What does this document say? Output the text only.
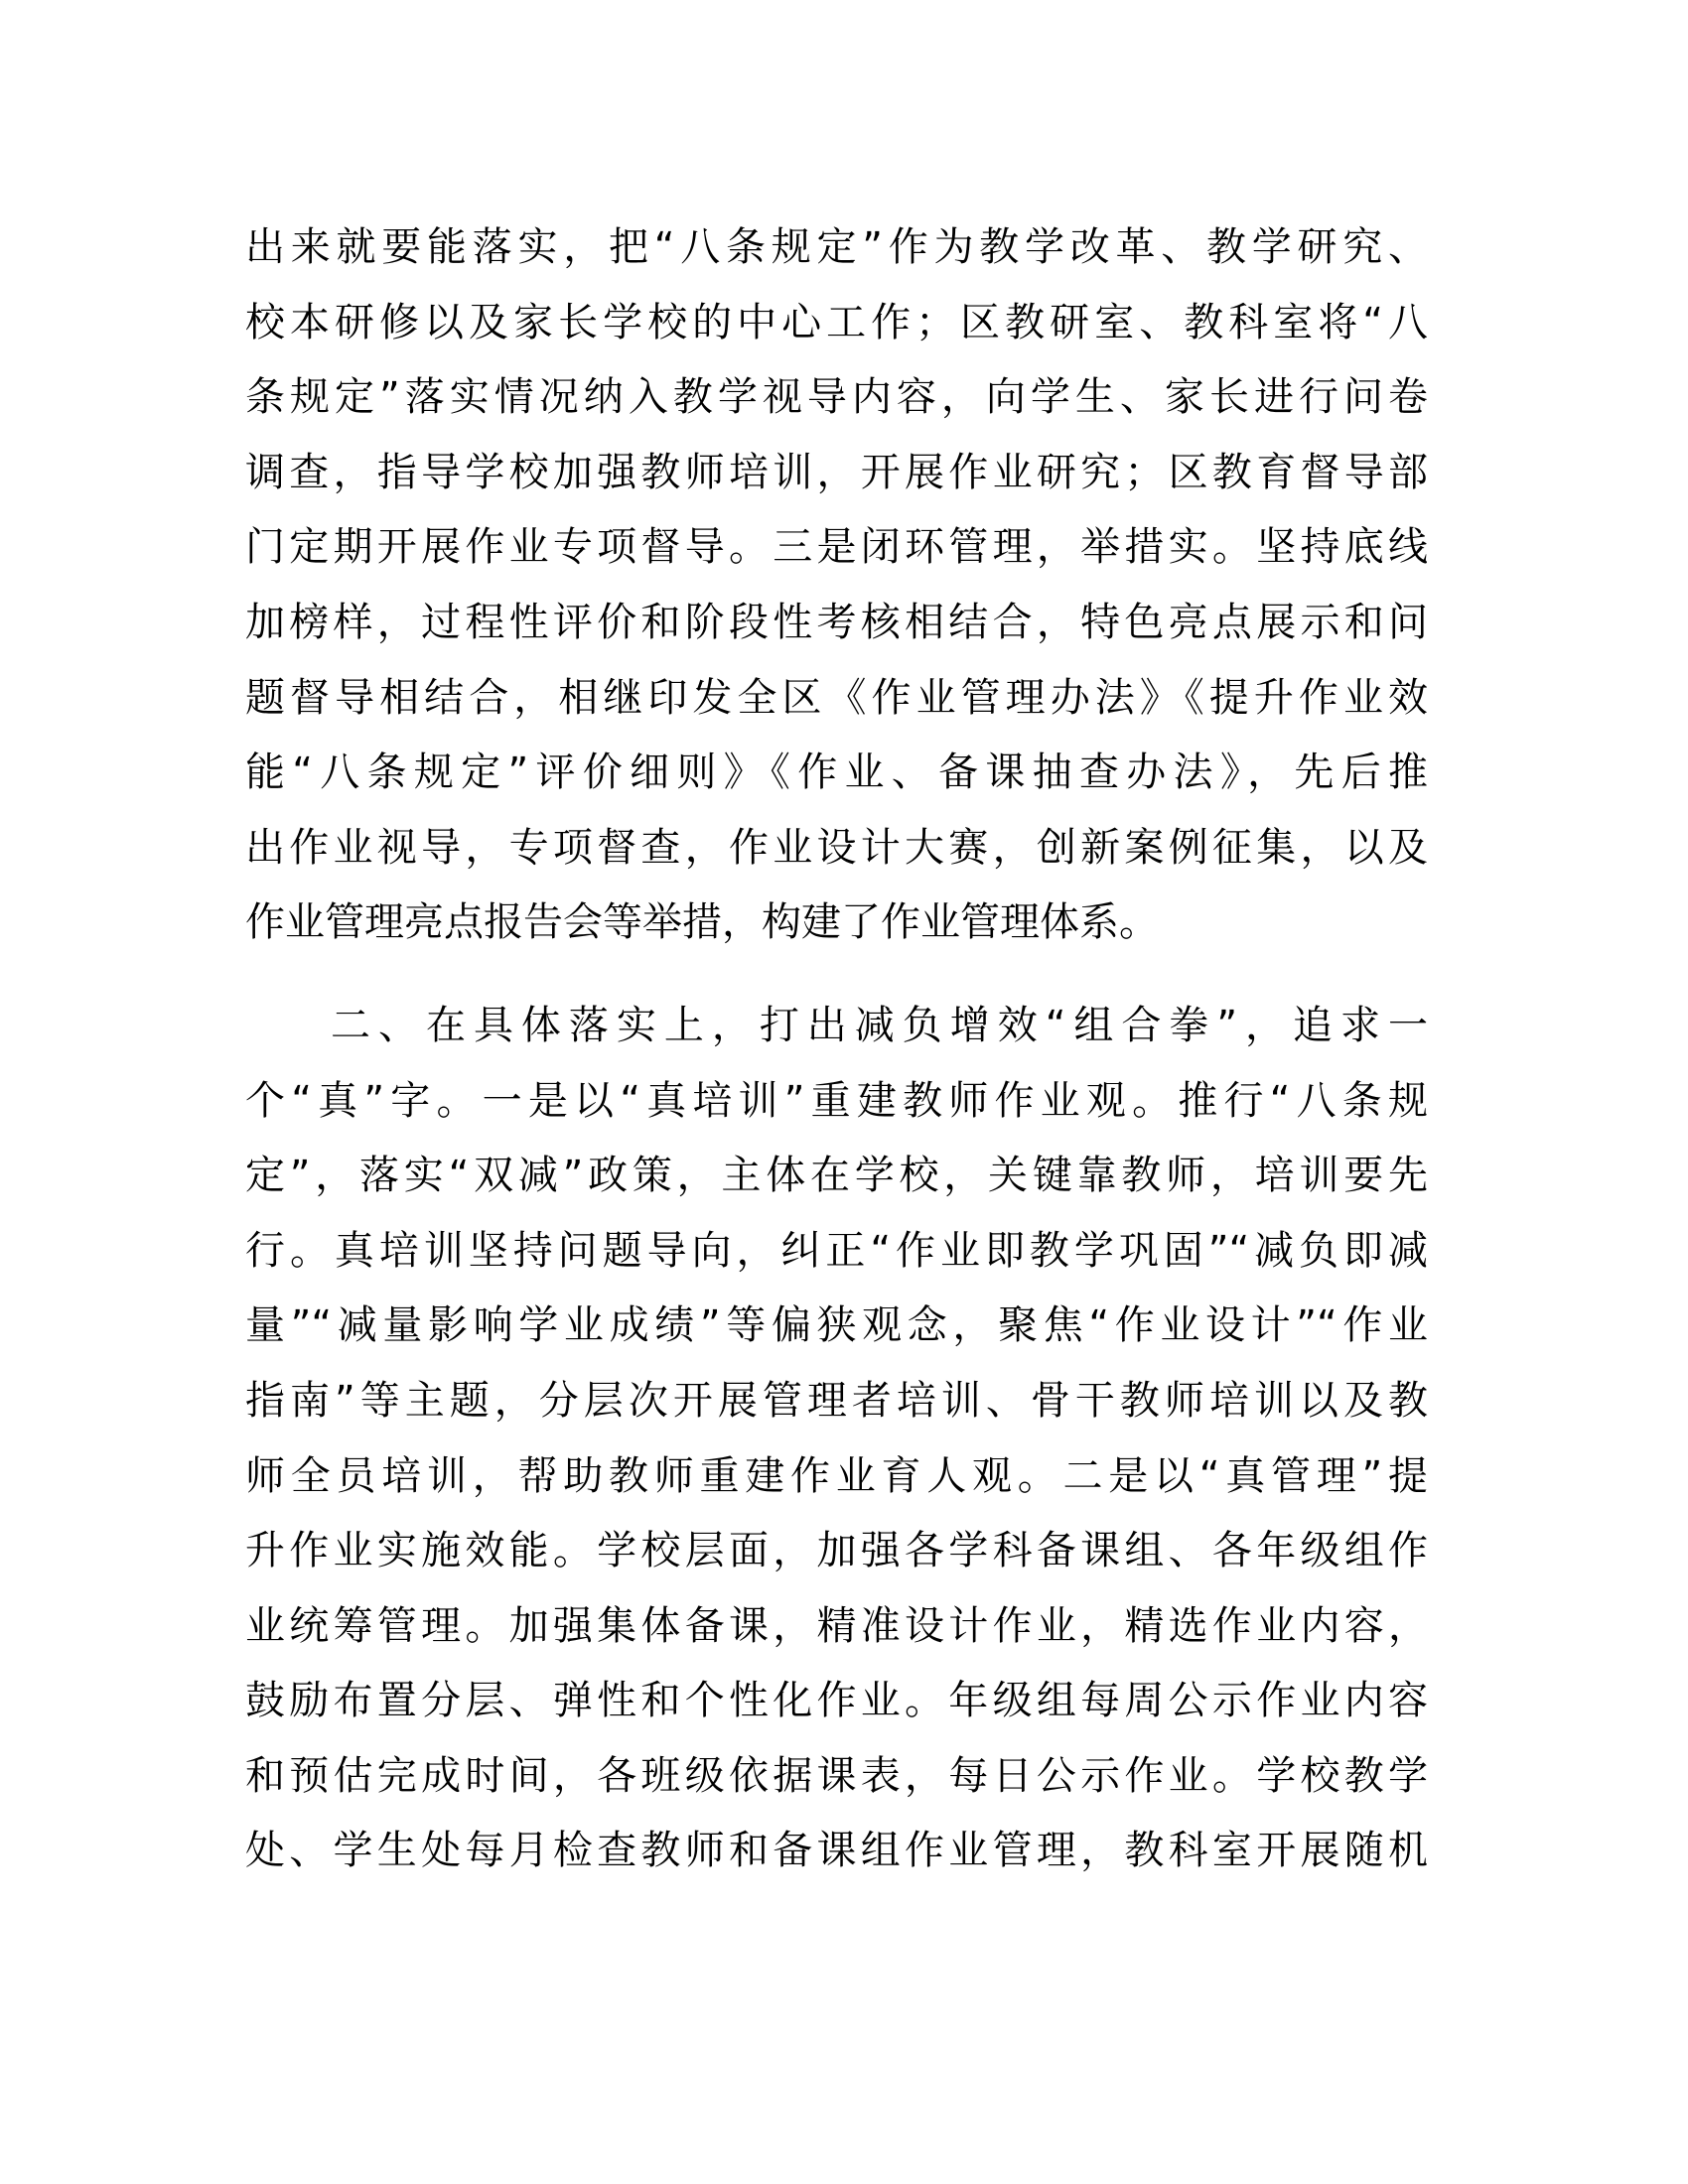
出来就要能落实，把“八条规定”作为教学改革、教学研究、
校本研修以及家长学校的中心工作；区教研室、教科室将“八
条规定”落实情况纳入教学视导内容，向学生、家长进行问卷
调查，指导学校加强教师培训，开展作业研究；区教育督导部
门定期开展作业专项督导。三是闭环管理，举措实。坚持底线
加榜样，过程性评价和阶段性考核相结合，特色亮点展示和问
题督导相结合，相继印发全区《作业管理办法》《提升作业效
能“八条规定”评价细则》《作业、备课抽查办法》，先后推
出作业视导，专项督查，作业设计大赛，创新案例征集，以及
作业管理亮点报告会等举措，构建了作业管理体系。
二、在具体落实上，打出减负增效“组合拳”，追求一
个“真”字。一是以“真培训”重建教师作业观。推行“八条规
定”，落实“双减”政策，主体在学校，关键靠教师，培训要先
行。真培训坚持问题导向，纠正“作业即教学巩固”“减负即减
量”“减量影响学业成绩”等偏狭观念，聚焦“作业设计”“作业
指南”等主题，分层次开展管理者培训、骨干教师培训以及教
师全员培训，帮助教师重建作业育人观。二是以“真管理”提
升作业实施效能。学校层面，加强各学科备课组、各年级组作
业统筹管理。加强集体备课，精准设计作业，精选作业内容，
鼓励布置分层、弹性和个性化作业。年级组每周公示作业内容
和预估完成时间，各班级依据课表，每日公示作业。学校教学
处、学生处每月检查教师和备课组作业管理，教科室开展随机
